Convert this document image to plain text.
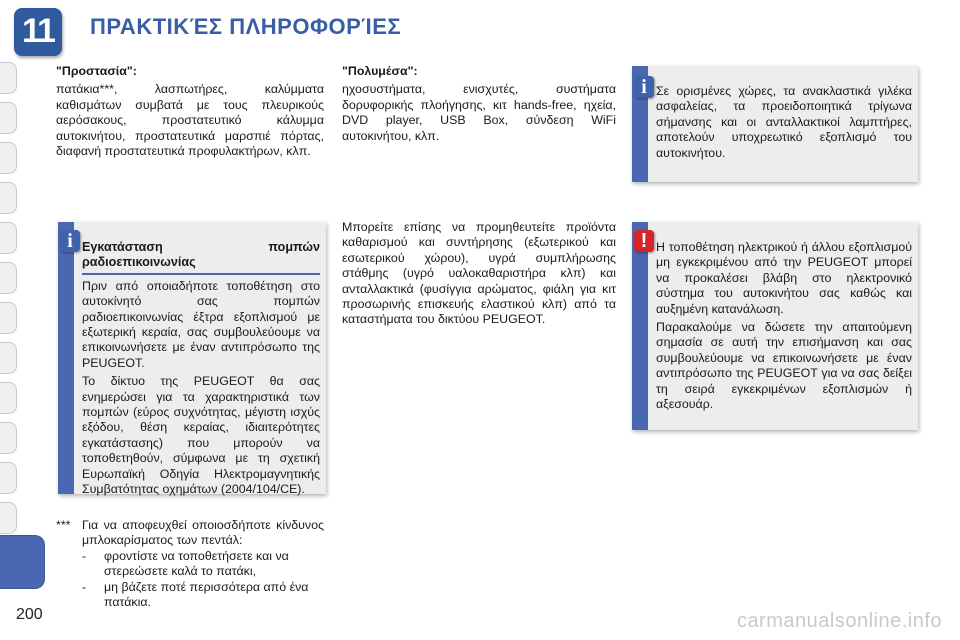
11	ΠΡΑΚΤΙΚΈΣ ΠΛΗΡΟΦΟΡΊΕΣ

"Προστασία":

πατάκια***, λασπωτήρες, καλύμματα καθισμάτων συμβατά με τους πλευρικούς αερόσακους, προστατευτικό κάλυμμα αυτοκινήτου, προστατευτικά μαρσπιέ πόρτας, διαφανή προστατευτικά προφυλακτήρων, κλπ.

i Εγκατάσταση πομπών ραδιοεπικοινωνίας

Πριν από οποιαδήποτε τοποθέτηση στο αυτοκίνητό σας πομπών ραδιοεπικοινωνίας έξτρα εξοπλισμού με εξωτερική κεραία, σας συμβουλεύουμε να επικοινωνήσετε με έναν αντιπρόσωπο της PEUGEOT.

Το δίκτυο της PEUGEOT θα σας ενημερώσει για τα χαρακτηριστικά των πομπών (εύρος συχνότητας, μέγιστη ισχύς εξόδου, θέση κεραίας, ιδιαιτερότητες εγκατάστασης) που μπορούν να τοποθετηθούν, σύμφωνα με τη σχετική Ευρωπαϊκή Οδηγία Ηλεκτρομαγνητικής Συμβατότητας οχημάτων (2004/104/CE).

*** Για να αποφευχθεί οποιοσδήποτε κίνδυνος μπλοκαρίσματος των πεντάλ:
-	φροντίστε να τοποθετήσετε και να στερεώσετε καλά το πατάκι,
-	μη βάζετε ποτέ περισσότερα από ένα πατάκια.

"Πολυμέσα":

ηχοσυστήματα, ενισχυτές, συστήματα δορυφορικής πλοήγησης, κιτ hands-free, ηχεία, DVD player, USB Box, σύνδεση WiFi αυτοκινήτου, κλπ.

Μπορείτε επίσης να προμηθευτείτε προϊόντα καθαρισμού και συντήρησης (εξωτερικού και εσωτερικού χώρου), υγρά συμπλήρωσης στάθμης (υγρό υαλοκαθαριστήρα κλπ) και ανταλλακτικά (φυσίγγια αρώματος, φιάλη για κιτ προσωρινής επισκευής ελαστικού κλπ) από τα καταστήματα του δικτύου PEUGEOT.

i Σε ορισμένες χώρες, τα ανακλαστικά γιλέκα ασφαλείας, τα προειδοποιητικά τρίγωνα σήμανσης και οι ανταλλακτικοί λαμπτήρες, αποτελούν υποχρεωτικό εξοπλισμό του αυτοκινήτου.

! Η τοποθέτηση ηλεκτρικού ή άλλου εξοπλισμού μη εγκεκριμένου από την PEUGEOT μπορεί να προκαλέσει βλάβη στο ηλεκτρονικό σύστημα του αυτοκινήτου σας καθώς και αυξημένη κατανάλωση.

Παρακαλούμε να δώσετε την απαιτούμενη σημασία σε αυτή την επισήμανση και σας συμβουλεύουμε να επικοινωνήσετε με έναν αντιπρόσωπο της PEUGEOT για να σας δείξει τη σειρά εγκεκριμένων εξοπλισμών ή αξεσουάρ.

200	carmanualsonline.info
